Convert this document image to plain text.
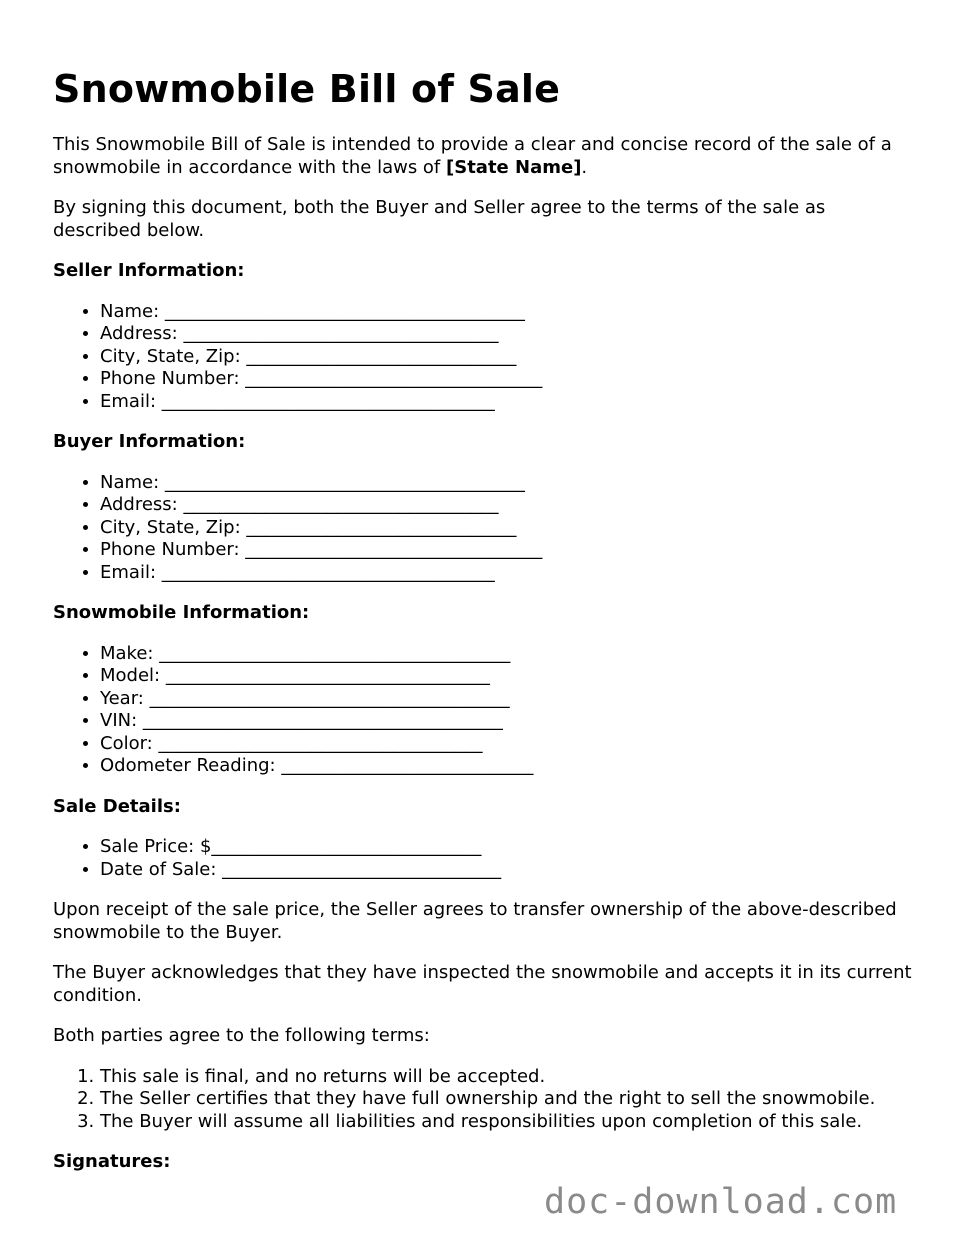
Snowmobile Bill of Sale

This Snowmobile Bill of Sale is intended to provide a clear and concise record of the sale of a snowmobile in accordance with the laws of [State Name].

By signing this document, both the Buyer and Seller agree to the terms of the sale as described below.

Seller Information:
• Name: ________________________________________
• Address: ___________________________________
• City, State, Zip: ______________________________
• Phone Number: _________________________________
• Email: _____________________________________
Buyer Information:
• Name: ________________________________________
• Address: ___________________________________
• City, State, Zip: ______________________________
• Phone Number: _________________________________
• Email: _____________________________________
Snowmobile Information:
• Make: _______________________________________
• Model: ____________________________________
• Year: ________________________________________
• VIN: ________________________________________
• Color: ____________________________________
• Odometer Reading: ____________________________
Sale Details:
• Sale Price: $______________________________
• Date of Sale: _______________________________

Upon receipt of the sale price, the Seller agrees to transfer ownership of the above-described snowmobile to the Buyer.

The Buyer acknowledges that they have inspected the snowmobile and accepts it in its current condition.

Both parties agree to the following terms:

1. This sale is final, and no returns will be accepted.
2. The Seller certifies that they have full ownership and the right to sell the snowmobile.
3. The Buyer will assume all liabilities and responsibilities upon completion of this sale.
Signatures:
doc-download.com
